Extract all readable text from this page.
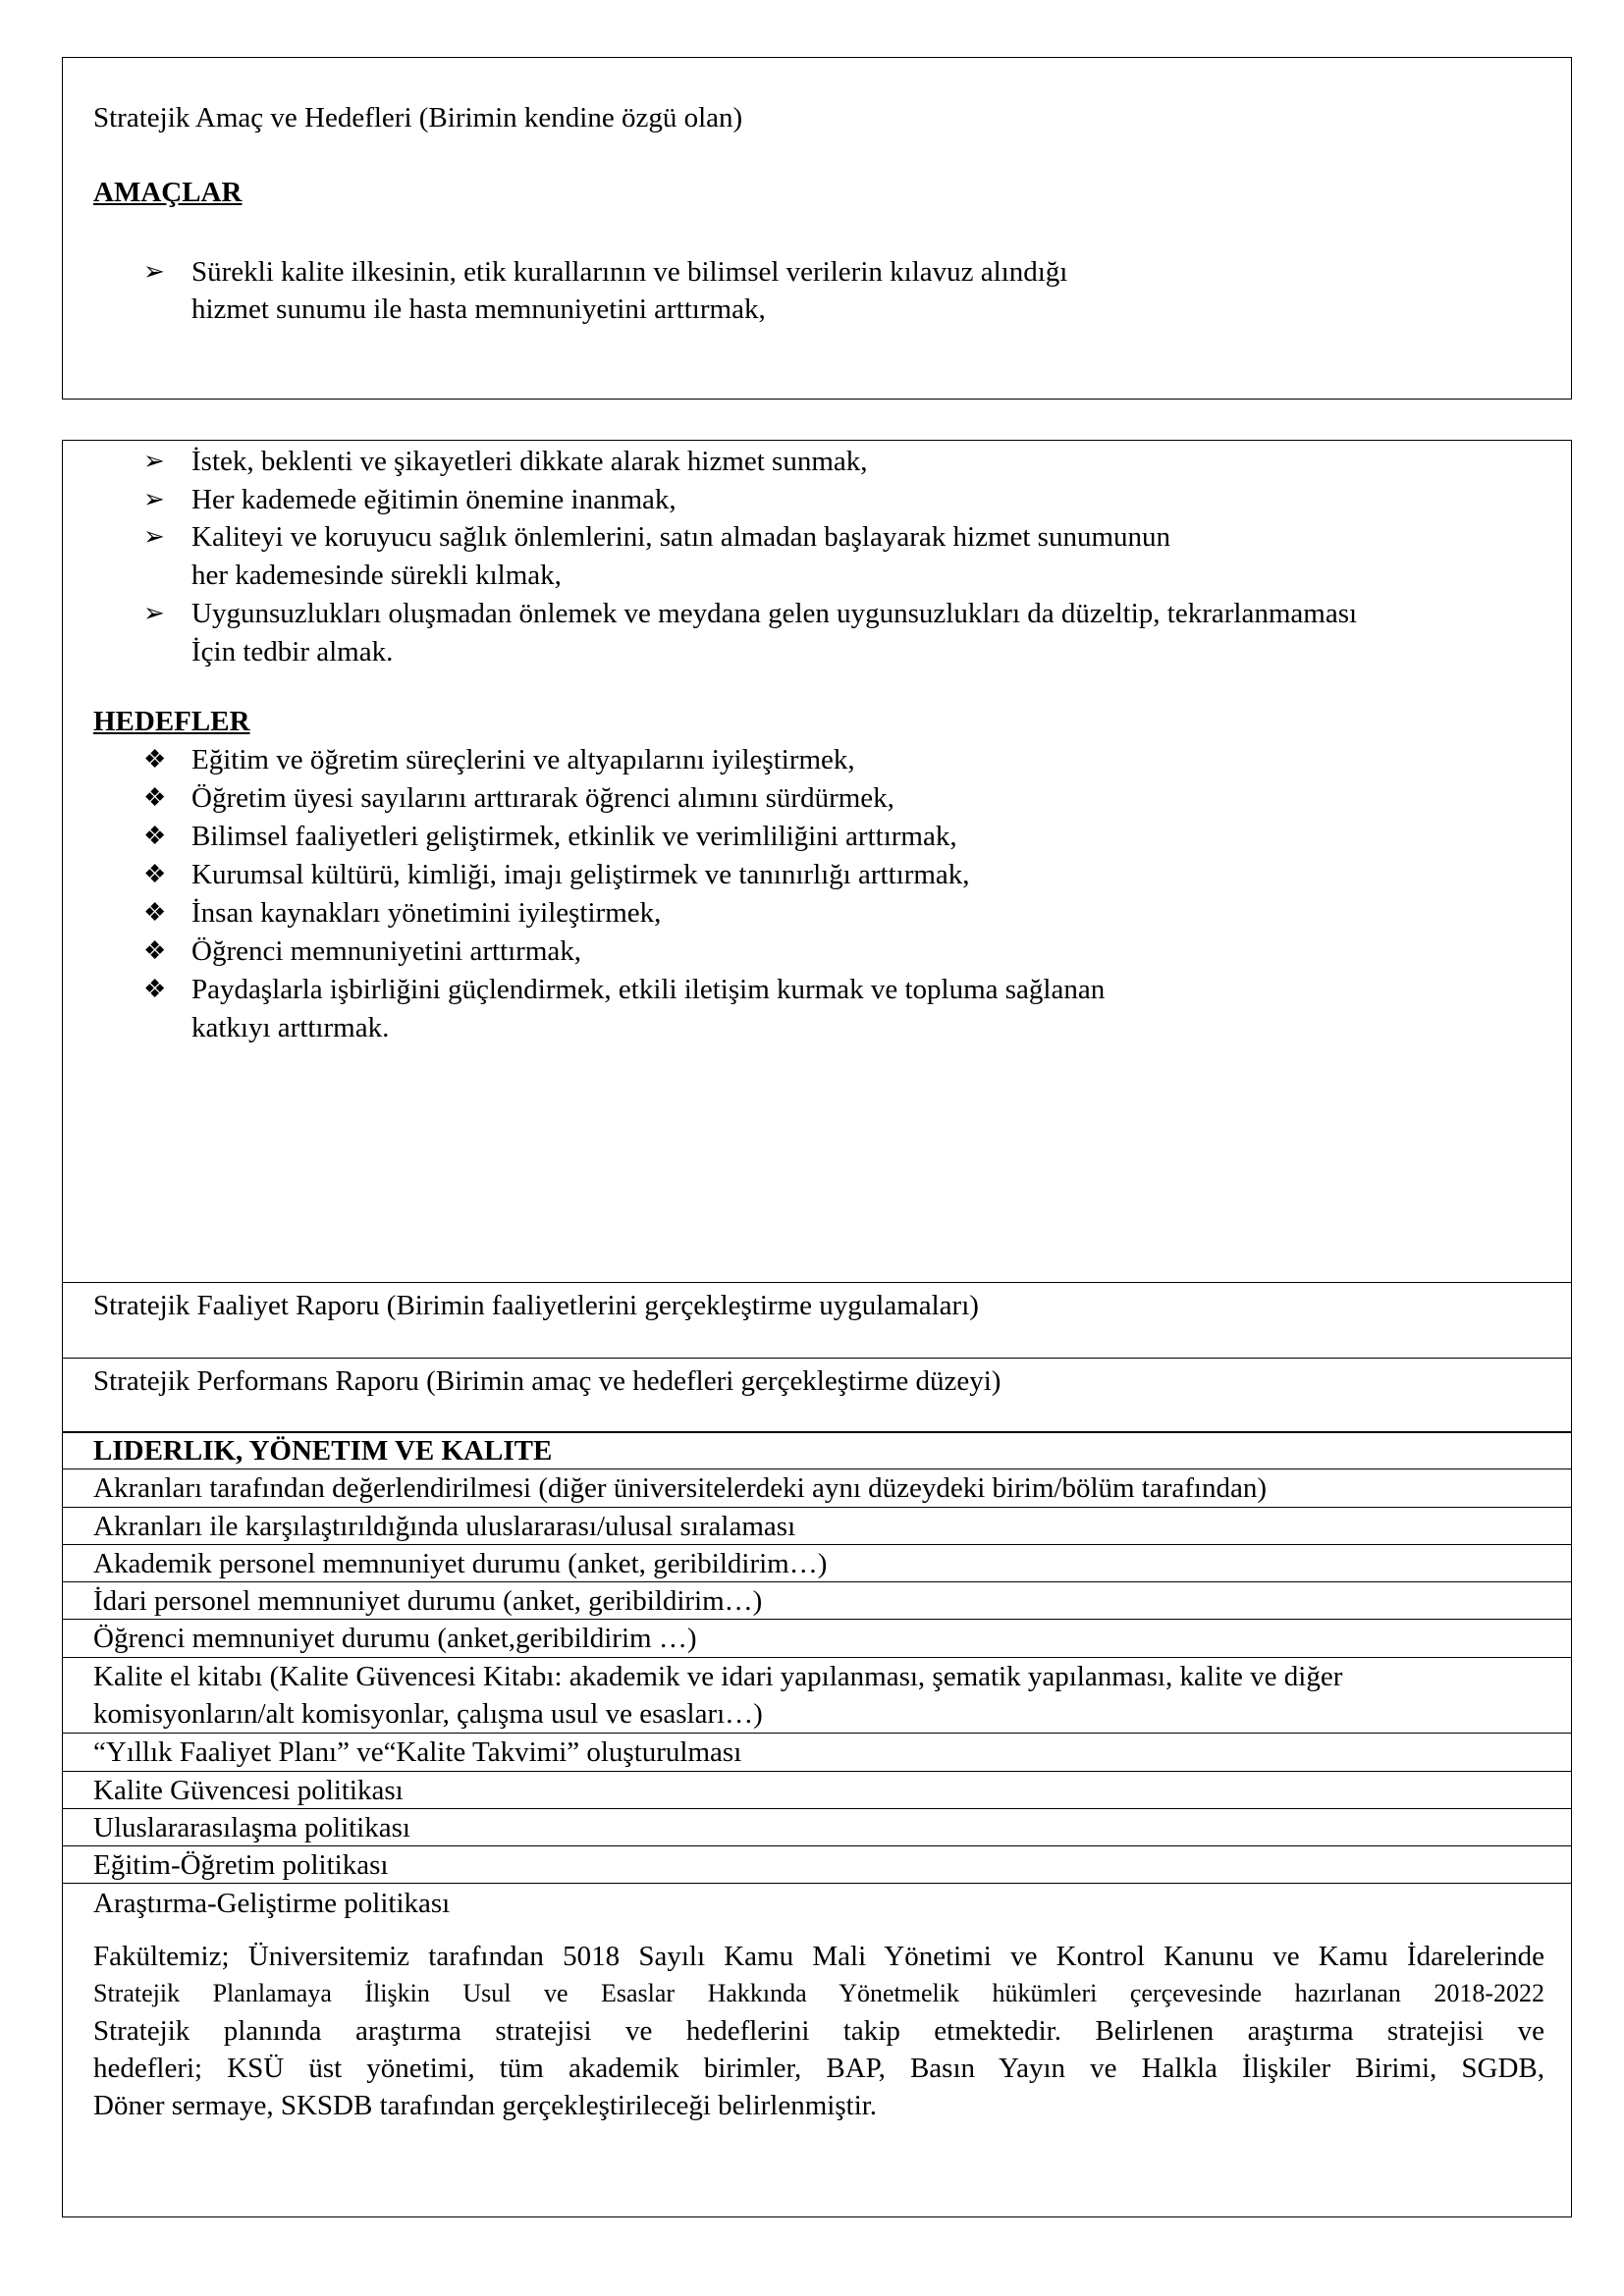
Stratejik Amaç ve Hedefleri (Birimin kendine özgü olan)
AMAÇLAR
➢ Sürekli kalite ilkesinin, etik kurallarının ve bilimsel verilerin kılavuz alındığı
hizmet sunumu ile hasta memnuniyetini arttırmak,
➢ İstek, beklenti ve şikayetleri dikkate alarak hizmet sunmak,
➢ Her kademede eğitimin önemine inanmak,
➢ Kaliteyi ve koruyucu sağlık önlemlerini, satın almadan başlayarak hizmet sunumunun
her kademesinde sürekli kılmak,
➢ Uygunsuzlukları oluşmadan önlemek ve meydana gelen uygunsuzlukları da düzeltip, tekrarlanmaması
İçin tedbir almak.
HEDEFLER
❖ Eğitim ve öğretim süreçlerini ve altyapılarını iyileştirmek,
❖ Öğretim üyesi sayılarını arttırarak öğrenci alımını sürdürmek,
❖ Bilimsel faaliyetleri geliştirmek, etkinlik ve verimliliğini arttırmak,
❖ Kurumsal kültürü, kimliği, imajı geliştirmek ve tanınırlığı arttırmak,
❖ İnsan kaynakları yönetimini iyileştirmek,
❖ Öğrenci memnuniyetini arttırmak,
❖ Paydaşlarla işbirliğini güçlendirmek, etkili iletişim kurmak ve topluma sağlanan
katkıyı arttırmak.
Stratejik Faaliyet Raporu (Birimin faaliyetlerini gerçekleştirme uygulamaları)
Stratejik Performans Raporu (Birimin amaç ve hedefleri gerçekleştirme düzeyi)
LIDERLIK, YÖNETIM VE KALITE
Akranları tarafından değerlendirilmesi (diğer üniversitelerdeki aynı düzeydeki birim/bölüm tarafından)
Akranları ile karşılaştırıldığında uluslararası/ulusal sıralaması
Akademik personel memnuniyet durumu (anket, geribildirim…)
İdari personel memnuniyet durumu (anket, geribildirim…)
Öğrenci memnuniyet durumu (anket,geribildirim …)
Kalite el kitabı (Kalite Güvencesi Kitabı: akademik ve idari yapılanması, şematik yapılanması, kalite ve diğer
komisyonların/alt komisyonlar, çalışma usul ve esasları…)
“Yıllık Faaliyet Planı” ve“Kalite Takvimi” oluşturulması
Kalite Güvencesi politikası
Uluslararasılaşma politikası
Eğitim-Öğretim politikası
Araştırma-Geliştirme politikası
Fakültemiz; Üniversitemiz tarafından 5018 Sayılı Kamu Mali Yönetimi ve Kontrol Kanunu ve Kamu İdarelerinde
Stratejik Planlamaya İlişkin Usul ve Esaslar Hakkında Yönetmelik hükümleri çerçevesinde hazırlanan 2018-2022
Stratejik planında araştırma stratejisi ve hedeflerini takip etmektedir. Belirlenen araştırma stratejisi ve
hedefleri; KSÜ üst yönetimi, tüm akademik birimler, BAP, Basın Yayın ve Halkla İlişkiler Birimi, SGDB,
Döner sermaye, SKSDB tarafından gerçekleştirileceği belirlenmiştir.
